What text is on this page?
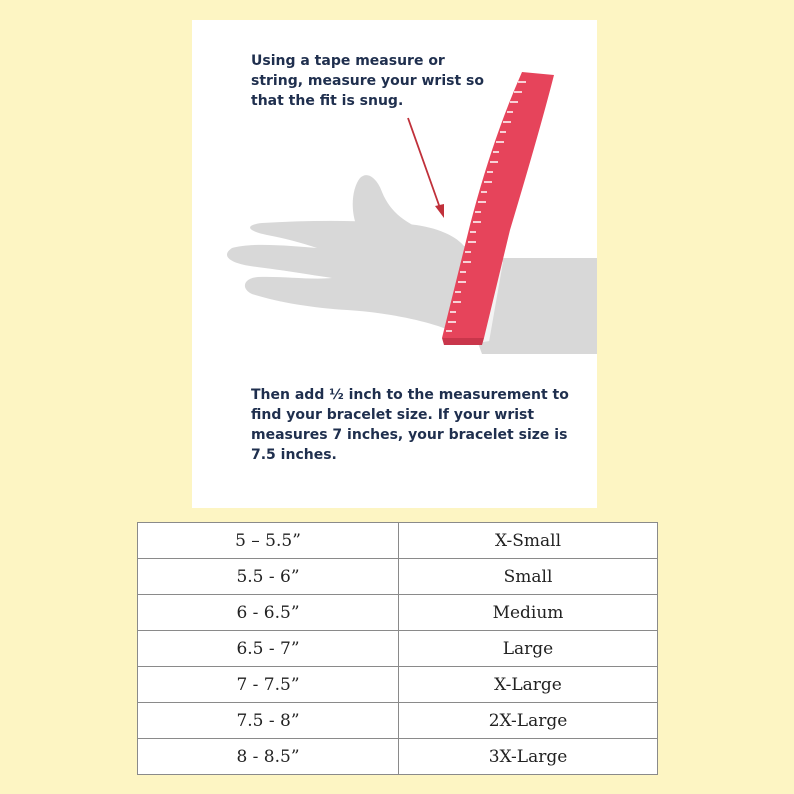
Using a tape measure or string, measure your wrist so that the fit is snug.

Then add ½ inch to the measurement to find your bracelet size. If your wrist measures 7 inches, your bracelet size is 7.5 inches.

5 – 5.5”	X-Small
5.5 - 6”	Small
6 - 6.5”	Medium
6.5 - 7”	Large
7 - 7.5”	X-Large
7.5 - 8”	2X-Large
8 - 8.5”	3X-Large
